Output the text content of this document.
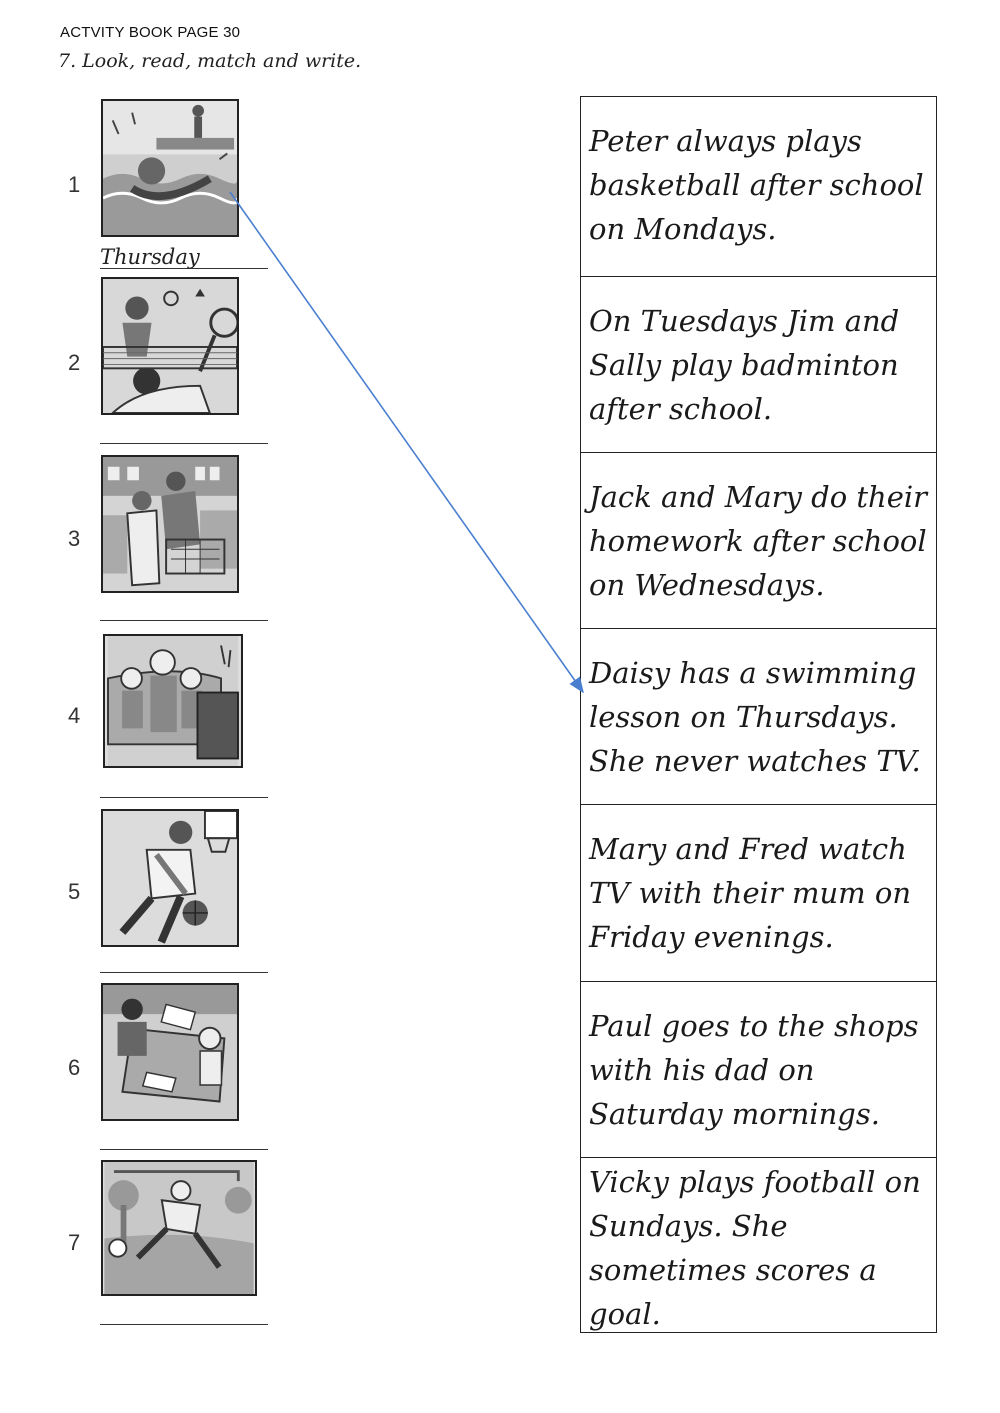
ACTVITY BOOK PAGE 30
7. Look, read, match and write.
1
2
3
4
5
6
7
Thursday
Peter always plays basketball after school on Mondays.
On Tuesdays Jim and Sally play badminton after school.
Jack and Mary do their homework after school on Wednesdays.
Daisy has a swimming lesson on Thursdays. She never watches TV.
Mary and Fred watch TV with their mum on Friday evenings.
Paul goes to the shops with his dad on Saturday mornings.
Vicky plays football on Sundays. She sometimes scores a goal.
